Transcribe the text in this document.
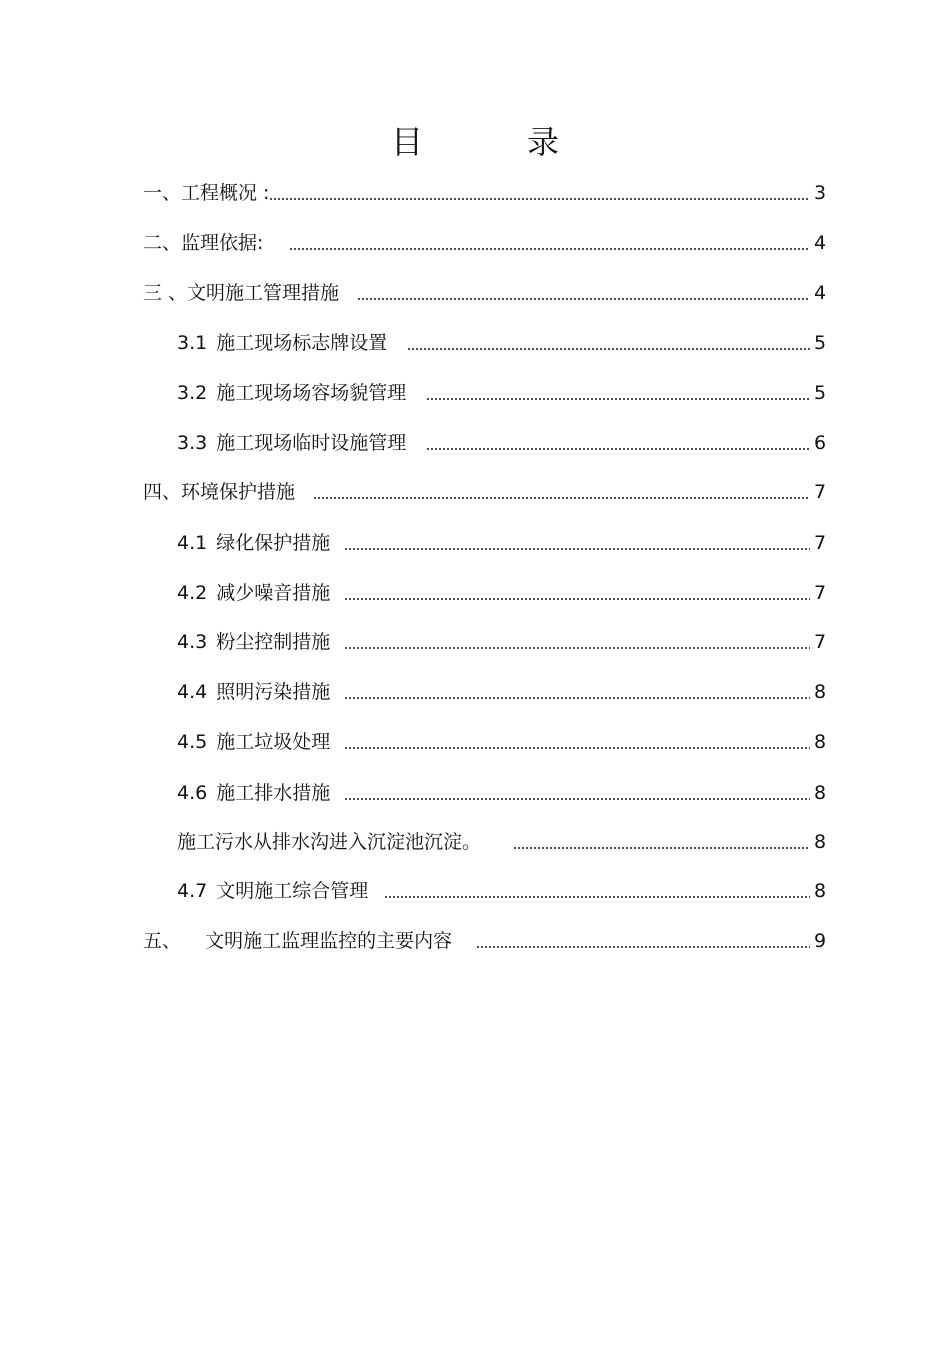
目	录
一、工程概况 :	3
二、监理依据:	4
三 、文明施工管理措施	4
3.1 施工现场标志牌设置	5
3.2 施工现场场容场貌管理	5
3.3 施工现场临时设施管理	6
四、环境保护措施	7
4.1 绿化保护措施	7
4.2 减少噪音措施	7
4.3 粉尘控制措施	7
4.4 照明污染措施	8
4.5 施工垃圾处理	8
4.6 施工排水措施	8
施工污水从排水沟进入沉淀池沉淀。	8
4.7 文明施工综合管理	8
五、    文明施工监理监控的主要内容	9
